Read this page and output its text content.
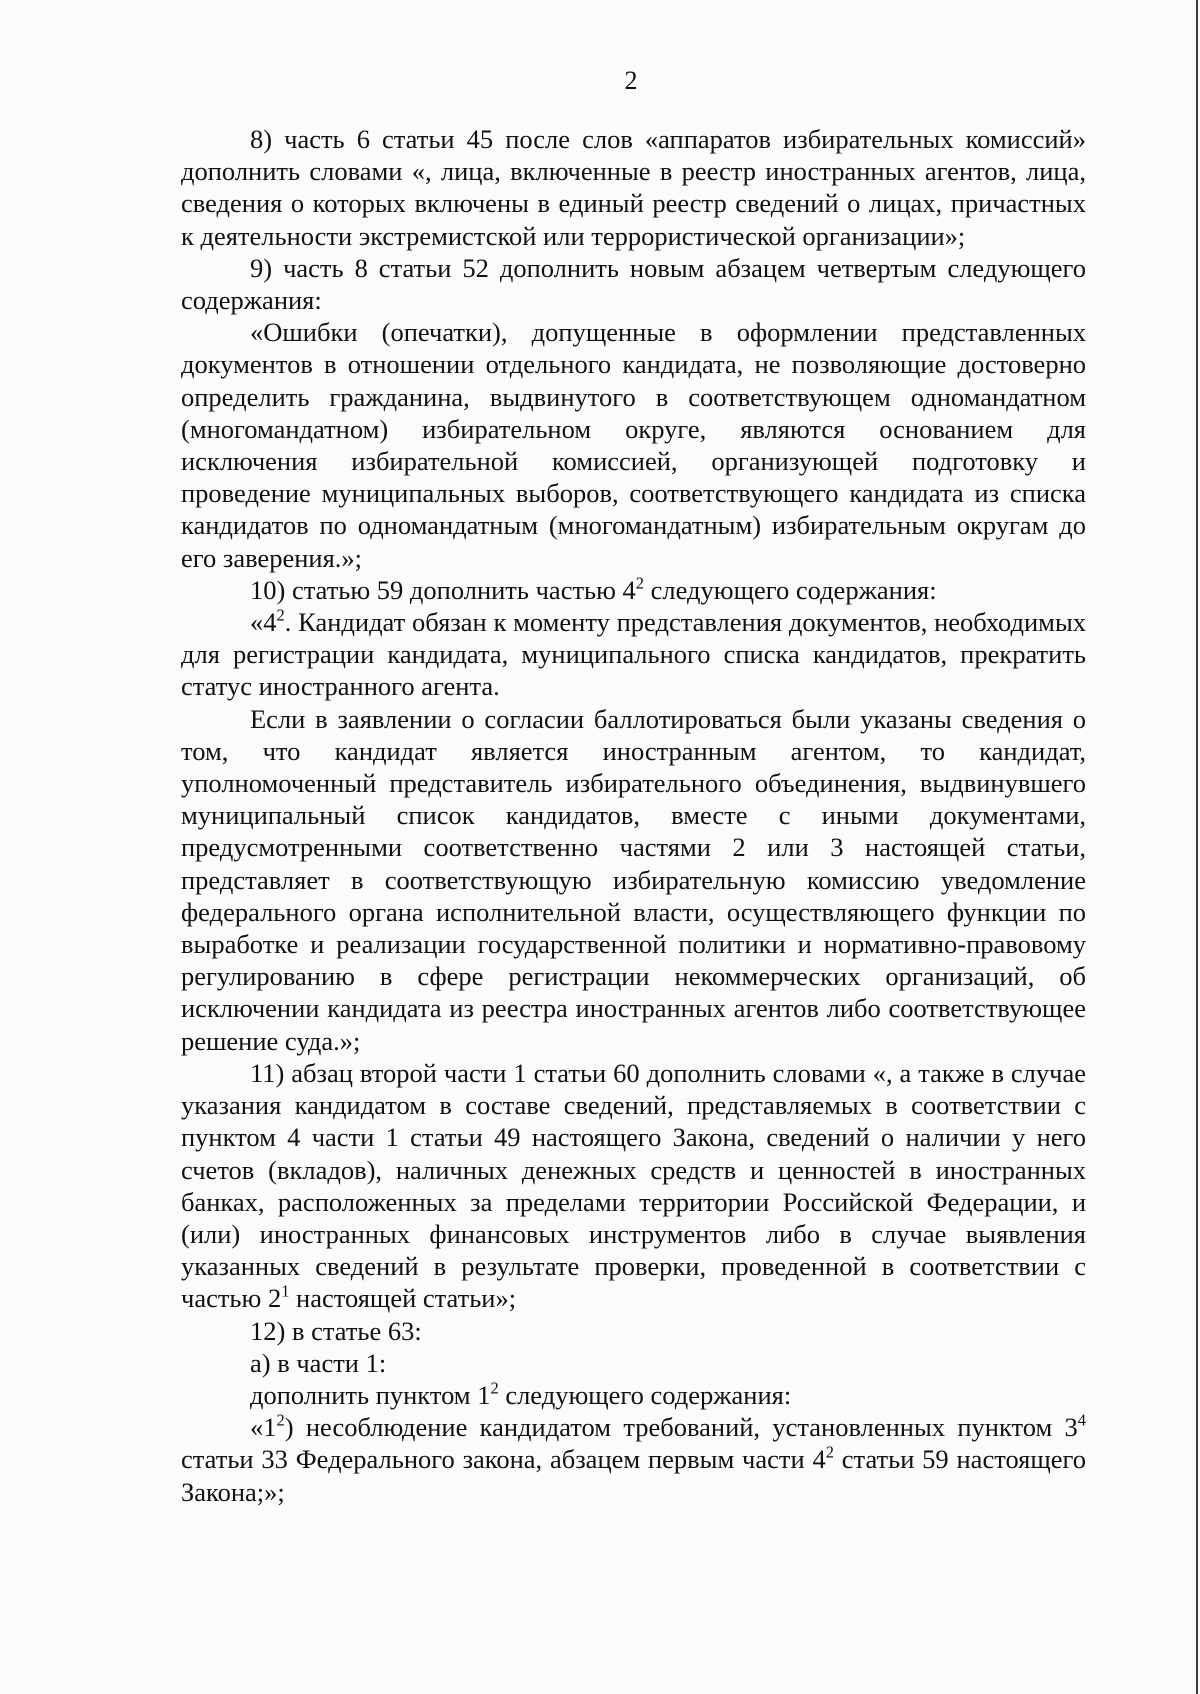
2

8) часть 6 статьи 45 после слов «аппаратов избирательных комиссий» дополнить словами «, лица, включенные в реестр иностранных агентов, лица, сведения о которых включены в единый реестр сведений о лицах, причастных к деятельности экстремистской или террористической организации»;

9) часть 8 статьи 52 дополнить новым абзацем четвертым следующего содержания:

«Ошибки (опечатки), допущенные в оформлении представленных документов в отношении отдельного кандидата, не позволяющие достоверно определить гражданина, выдвинутого в соответствующем одномандатном (многомандатном) избирательном округе, являются основанием для исключения избирательной комиссией, организующей подготовку и проведение муниципальных выборов, соответствующего кандидата из списка кандидатов по одномандатным (многомандатным) избирательным округам до его заверения.»;

10) статью 59 дополнить частью $4^2$ следующего содержания:

«$4^2$. Кандидат обязан к моменту представления документов, необходимых для регистрации кандидата, муниципального списка кандидатов, прекратить статус иностранного агента.

Если в заявлении о согласии баллотироваться были указаны сведения о том, что кандидат является иностранным агентом, то кандидат, уполномоченный представитель избирательного объединения, выдвинувшего муниципальный список кандидатов, вместе с иными документами, предусмотренными соответственно частями 2 или 3 настоящей статьи, представляет в соответствующую избирательную комиссию уведомление федерального органа исполнительной власти, осуществляющего функции по выработке и реализации государственной политики и нормативно-правовому регулированию в сфере регистрации некоммерческих организаций, об исключении кандидата из реестра иностранных агентов либо соответствующее решение суда.»;

11) абзац второй части 1 статьи 60 дополнить словами «, а также в случае указания кандидатом в составе сведений, представляемых в соответствии с пунктом 4 части 1 статьи 49 настоящего Закона, сведений о наличии у него счетов (вкладов), наличных денежных средств и ценностей в иностранных банках, расположенных за пределами территории Российской Федерации, и (или) иностранных финансовых инструментов либо в случае выявления указанных сведений в результате проверки, проведенной в соответствии с частью $2^1$ настоящей статьи»;

12) в статье 63:

а) в части 1:

дополнить пунктом $1^2$ следующего содержания:

«$1^2$) несоблюдение кандидатом требований, установленных пунктом $3^4$ статьи 33 Федерального закона, абзацем первым части $4^2$ статьи 59 настоящего Закона;»;
